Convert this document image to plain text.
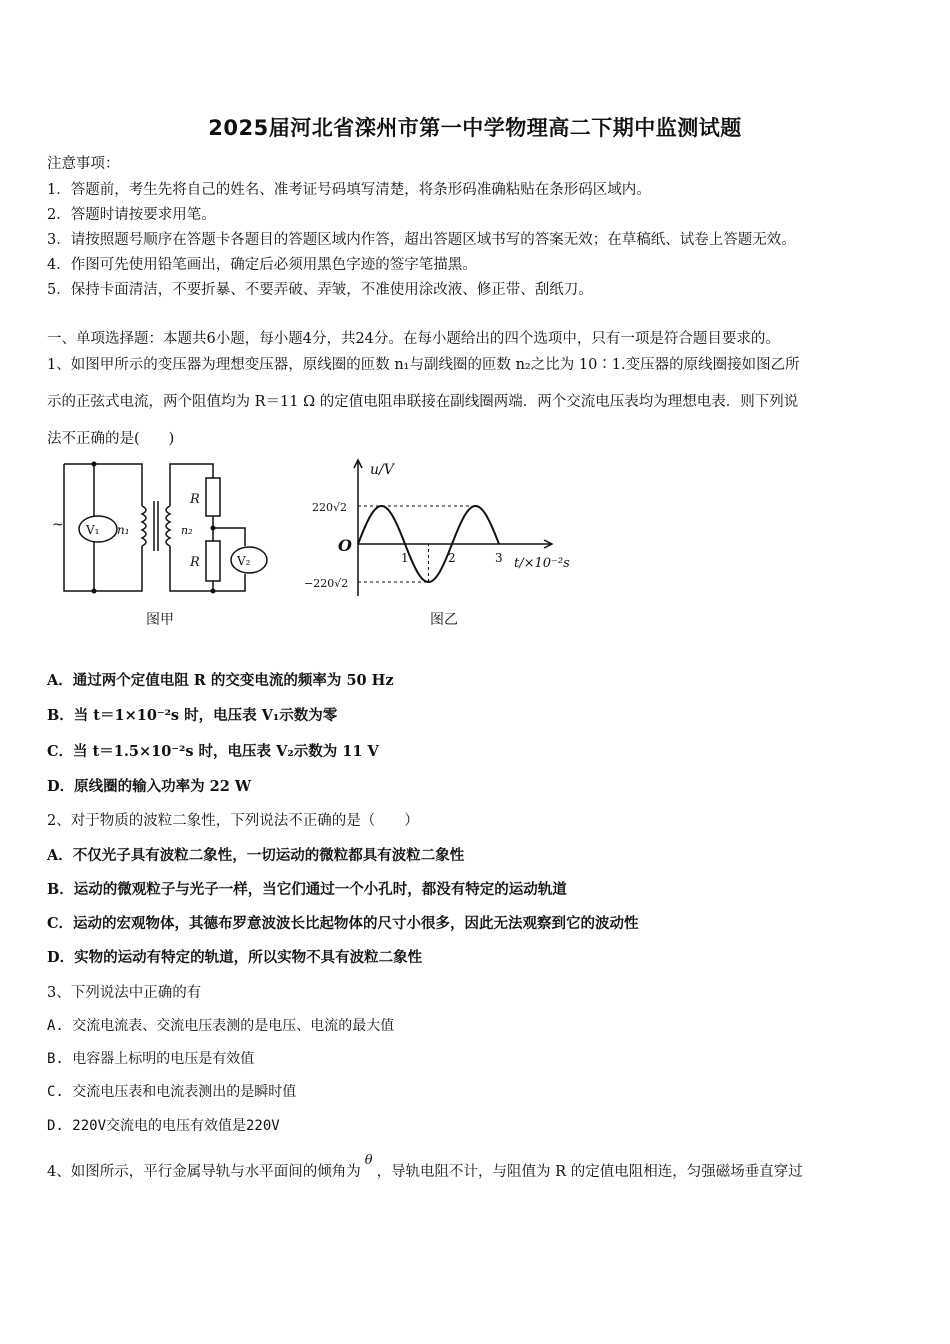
2025届河北省滦州市第一中学物理高二下期中监测试题
注意事项：
1．答题前，考生先将自己的姓名、准考证号码填写清楚，将条形码准确粘贴在条形码区域内。
2．答题时请按要求用笔。
3．请按照题号顺序在答题卡各题目的答题区域内作答，超出答题区域书写的答案无效；在草稿纸、试卷上答题无效。
4．作图可先使用铅笔画出，确定后必须用黑色字迹的签字笔描黑。
5．保持卡面清洁，不要折暴、不要弄破、弄皱，不准使用涂改液、修正带、刮纸刀。
一、单项选择题：本题共6小题，每小题4分，共24分。在每小题给出的四个选项中，只有一项是符合题目要求的。
1、如图甲所示的变压器为理想变压器，原线圈的匝数 n₁与副线圈的匝数 n₂之比为 10∶1.变压器的原线圈接如图乙所
示的正弦式电流，两个阻值均为 R＝11 Ω 的定值电阻串联接在副线圈两端．两个交流电压表均为理想电表．则下列说
法不正确的是(　　)
~ V₁ n₁	n₂
R
R	V₂
图甲
u/V
O
220√2
−220√2
1	2	3 t/×10⁻²s
图乙
A．通过两个定值电阻 R 的交变电流的频率为 50 Hz
B．当 t＝1×10⁻²s 时，电压表 V₁示数为零
C．当 t＝1.5×10⁻²s 时，电压表 V₂示数为 11 V
D．原线圈的输入功率为 22 W
2、对于物质的波粒二象性，下列说法不正确的是（　　）
A．不仅光子具有波粒二象性，一切运动的微粒都具有波粒二象性
B．运动的微观粒子与光子一样，当它们通过一个小孔时，都没有特定的运动轨道
C．运动的宏观物体，其德布罗意波波长比起物体的尺寸小很多，因此无法观察到它的波动性
D．实物的运动有特定的轨道，所以实物不具有波粒二象性
3、下列说法中正确的有
A. 交流电流表、交流电压表测的是电压、电流的最大值
B. 电容器上标明的电压是有效值
C. 交流电压表和电流表测出的是瞬时值
D. 220V交流电的电压有效值是220V
4、如图所示，平行金属导轨与水平面间的倾角为θ，导轨电阻不计，与阻值为 R 的定值电阻相连，匀强磁场垂直穿过
